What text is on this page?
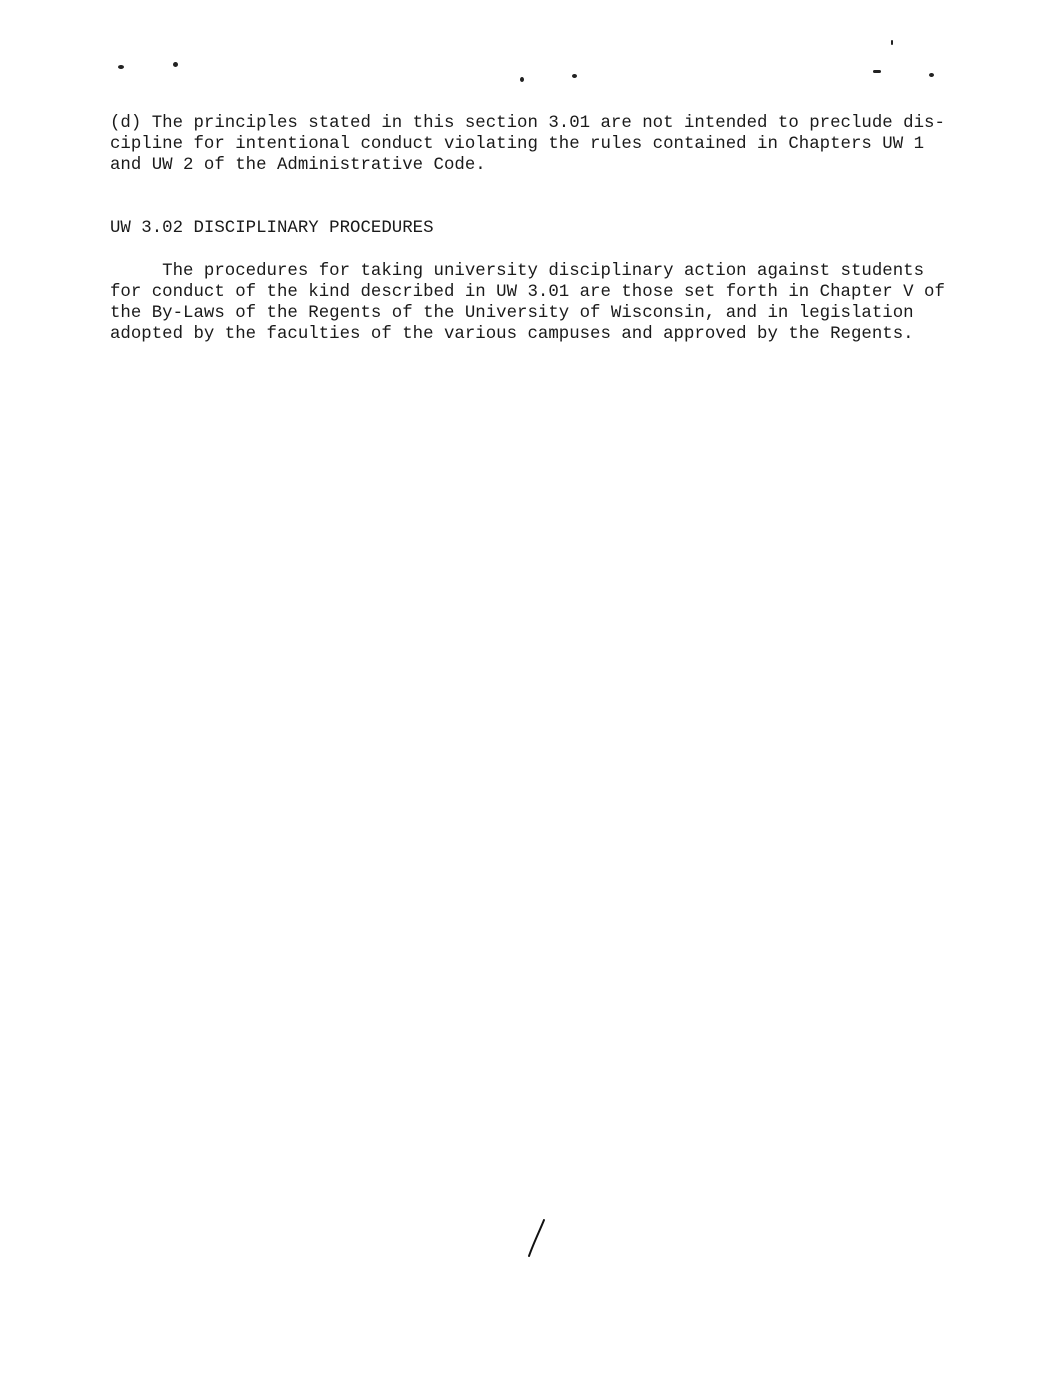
(d) The principles stated in this section 3.01 are not intended to preclude dis-
cipline for intentional conduct violating the rules contained in Chapters UW 1
and UW 2 of the Administrative Code.
UW 3.02 DISCIPLINARY PROCEDURES
The procedures for taking university disciplinary action against students
for conduct of the kind described in UW 3.01 are those set forth in Chapter V of
the By-Laws of the Regents of the University of Wisconsin, and in legislation
adopted by the faculties of the various campuses and approved by the Regents.
